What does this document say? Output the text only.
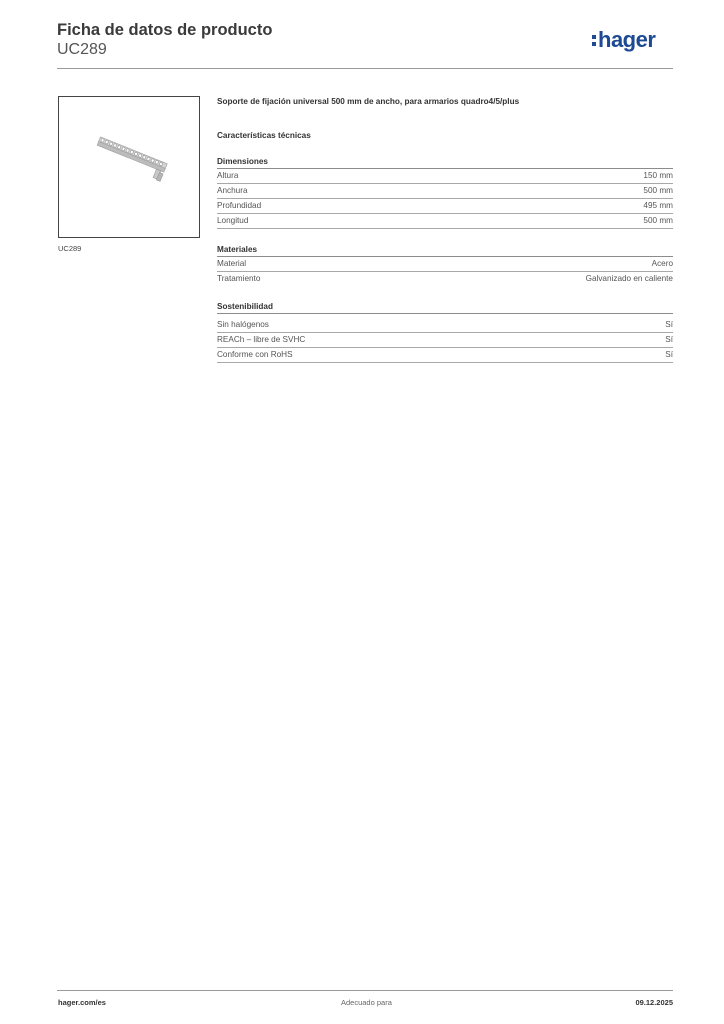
Ficha de datos de producto
UC289	hager
UC289
Soporte de fijación universal 500 mm de ancho, para armarios quadro4/5/plus
Características técnicas
Dimensiones
Altura	150 mm
Anchura	500 mm
Profundidad	495 mm
Longitud	500 mm
Materiales
Material	Acero
Tratamiento	Galvanizado en caliente
Sostenibilidad
Sin halógenos	Sí
REACh – libre de SVHC	Sí
Conforme con RoHS	Sí
hager.com/es	Adecuado para	09.12.2025
